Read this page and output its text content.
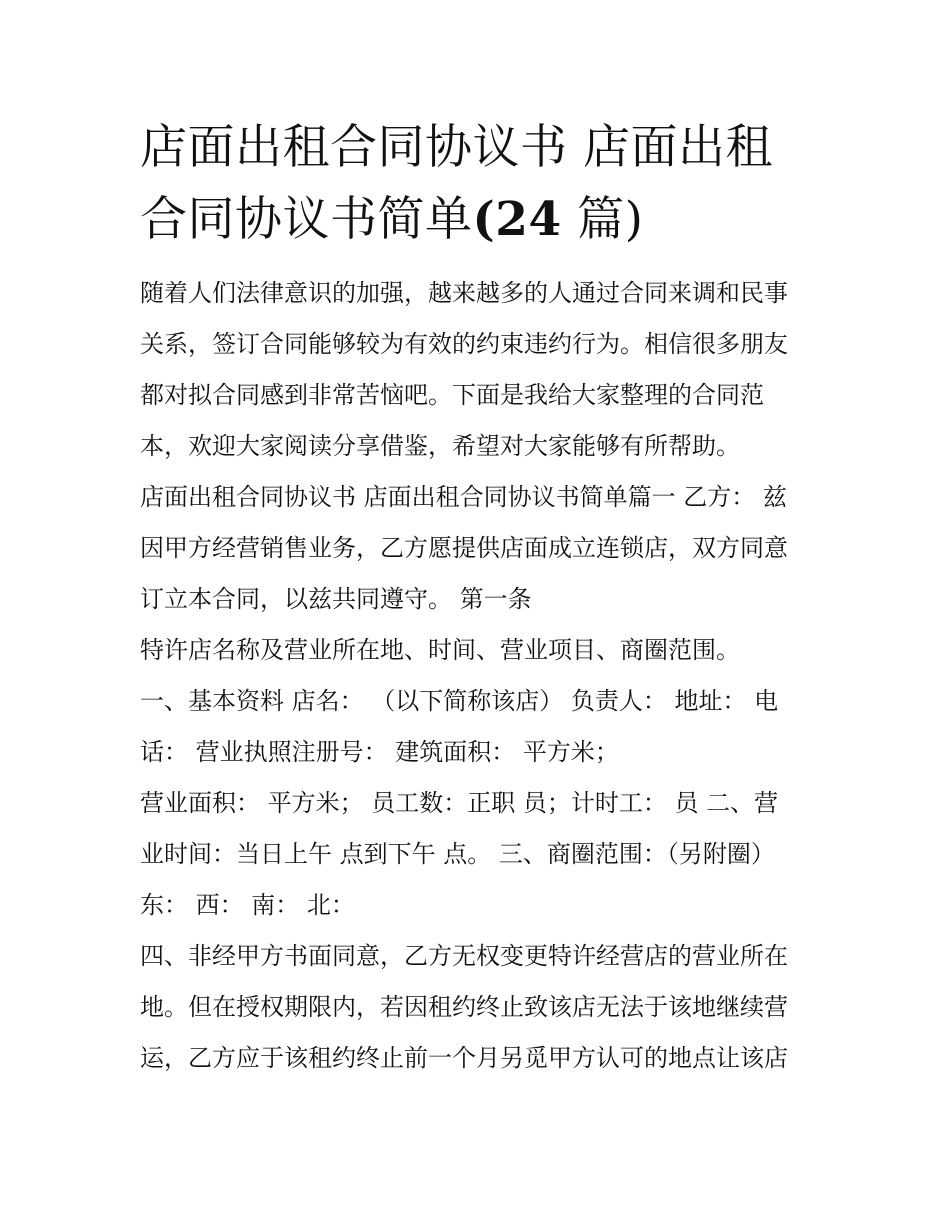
店面出租合同协议书 店面出租
合同协议书简单(24 篇)
随着人们法律意识的加强，越来越多的人通过合同来调和民事
关系，签订合同能够较为有效的约束违约行为。相信很多朋友
都对拟合同感到非常苦恼吧。下面是我给大家整理的合同范
本，欢迎大家阅读分享借鉴，希望对大家能够有所帮助。
店面出租合同协议书 店面出租合同协议书简单篇一 乙方： 兹
因甲方经营销售业务，乙方愿提供店面成立连锁店，双方同意
订立本合同，以兹共同遵守。 第一条
特许店名称及营业所在地、时间、营业项目、商圈范围。
一、基本资料 店名： （以下简称该店） 负责人： 地址： 电
话： 营业执照注册号： 建筑面积： 平方米；
营业面积： 平方米； 员工数：正职 员；计时工： 员 二、营
业时间：当日上午 点到下午 点。 三、商圈范围：（另附圈）
东： 西： 南： 北：
四、非经甲方书面同意，乙方无权变更特许经营店的营业所在
地。但在授权期限内，若因租约终止致该店无法于该地继续营
运，乙方应于该租约终止前一个月另觅甲方认可的地点让该店
